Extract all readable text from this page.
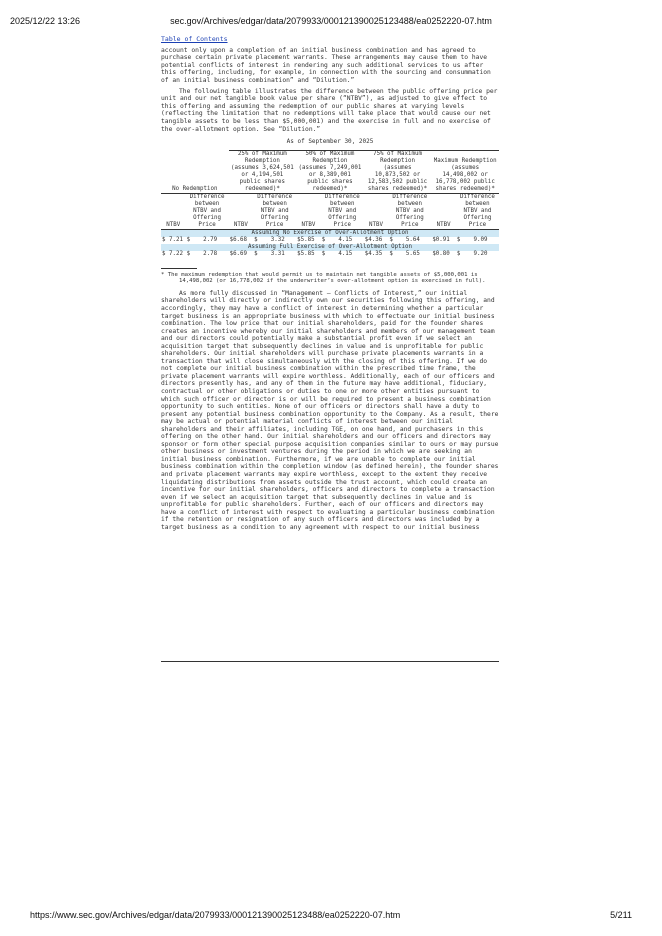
2025/12/22 13:26	sec.gov/Archives/edgar/data/2079933/000121390025123488/ea0252220-07.htm
Table of Contents

account only upon a completion of an initial business combination and has agreed to purchase certain private placement warrants. These arrangements may cause them to have potential conflicts of interest in rendering any such additional services to us after this offering, including, for example, in connection with the sourcing and consummation of an initial business combination” and “Dilution.”

The following table illustrates the difference between the public offering price per unit and our net tangible book value per share (“NTBV”), as adjusted to give effect to this offering and assuming the redemption of our public shares at varying levels (reflecting the limitation that no redemptions will take place that would cause our net tangible assets to be less than $5,000,001) and the exercise in full and no exercise of the over-allotment option. See “Dilution.”

As of September 30, 2025
No Redemption			25% of Maximum Redemption (assumes 3,624,501 or 4,194,501 public shares redeemed)*			50% of Maximum Redemption (assumes 7,249,001 or 8,389,001 public shares redeemed)*			75% of Maximum Redemption (assumes 10,873,502 or 12,583,502 public shares redeemed)*			Maximum Redemption (assumes 14,498,002 or 16,778,002 public shares redeemed)*		
NTBV	Difference between NTBV and Offering Price		NTBV	Difference between NTBV and Offering Price		NTBV	Difference between NTBV and Offering Price		NTBV	Difference between NTBV and Offering Price		NTBV	Difference between NTBV and Offering Price	
Assuming No Exercise of Over-Allotment Option														
$ 7.21	$	2.79	$6.68	$	3.32	$5.85	$	4.15	$4.36	$	5.64	$0.91	$	9.09
Assuming Full Exercise of Over-Allotment Option														
$ 7.22	$	2.78	$6.69	$	3.31	$5.85	$	4.15	$4.35	$	5.65	$0.80	$	9.20
* The maximum redemption that would permit us to maintain net tangible assets of $5,000,001 is 14,498,002 (or 16,778,002 if the underwriter’s over-allotment option is exercised in full).

As more fully discussed in “Management — Conflicts of Interest,” our initial shareholders will directly or indirectly own our securities following this offering, and accordingly, they may have a conflict of interest in determining whether a particular target business is an appropriate business with which to effectuate our initial business combination. The low price that our initial shareholders, paid for the founder shares creates an incentive whereby our initial shareholders and members of our management team and our directors could potentially make a substantial profit even if we select an acquisition target that subsequently declines in value and is unprofitable for public shareholders. Our initial shareholders will purchase private placements warrants in a transaction that will close simultaneously with the closing of this offering. If we do not complete our initial business combination within the prescribed time frame, the private placement warrants will expire worthless. Additionally, each of our officers and directors presently has, and any of them in the future may have additional, fiduciary, contractual or other obligations or duties to one or more other entities pursuant to which such officer or director is or will be required to present a business combination opportunity to such entities. None of our officers or directors shall have a duty to present any potential business combination opportunity to the Company. As a result, there may be actual or potential material conflicts of interest between our initial shareholders and their affiliates, including TGE, on one hand, and purchasers in this offering on the other hand. Our initial shareholders and our officers and directors may sponsor or form other special purpose acquisition companies similar to ours or may pursue other business or investment ventures during the period in which we are seeking an initial business combination. Furthermore, if we are unable to complete our initial business combination within the completion window (as defined herein), the founder shares and private placement warrants may expire worthless, except to the extent they receive liquidating distributions from assets outside the trust account, which could create an incentive for our initial shareholders, officers and directors to complete a transaction even if we select an acquisition target that subsequently declines in value and is unprofitable for public shareholders. Further, each of our officers and directors may have a conflict of interest with respect to evaluating a particular business combination if the retention or resignation of any such officers and directors was included by a target business as a condition to any agreement with respect to our initial business

https://www.sec.gov/Archives/edgar/data/2079933/000121390025123488/ea0252220-07.htm	5/211
